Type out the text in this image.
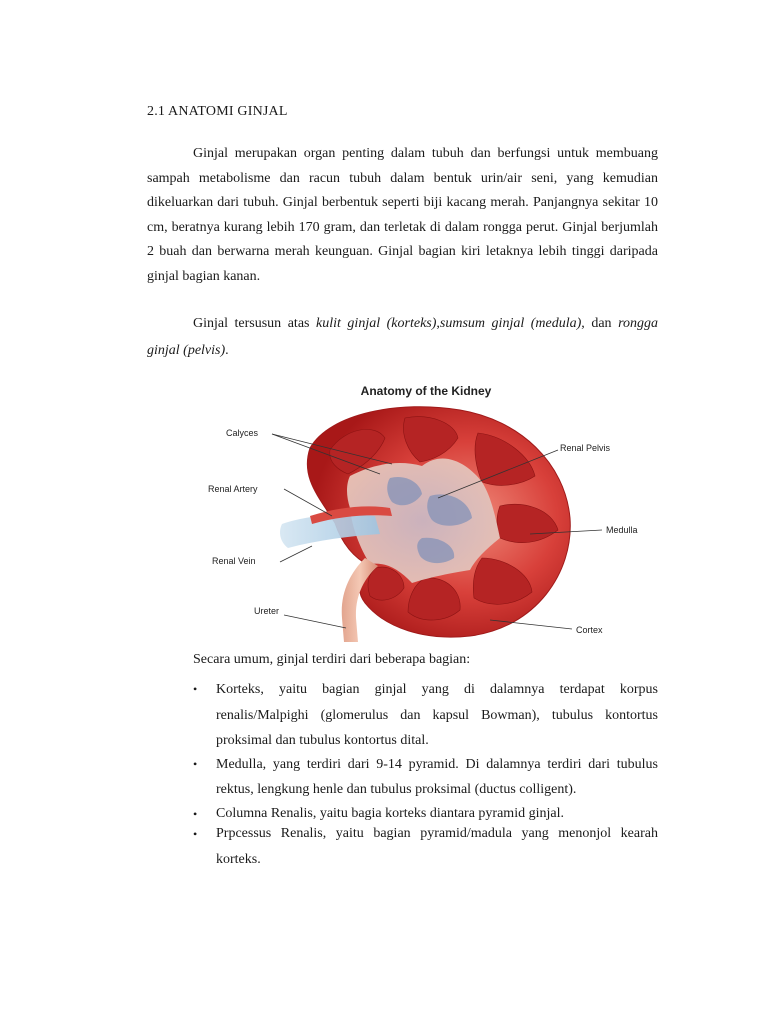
2.1 ANATOMI GINJAL

Ginjal merupakan organ penting dalam tubuh dan berfungsi untuk membuang sampah metabolisme dan racun tubuh dalam bentuk urin/air seni, yang kemudian dikeluarkan dari tubuh. Ginjal berbentuk seperti biji kacang merah. Panjangnya sekitar 10 cm, beratnya kurang lebih 170 gram, dan terletak di dalam rongga perut. Ginjal berjumlah 2 buah dan berwarna merah keunguan. Ginjal bagian kiri letaknya lebih tinggi daripada ginjal bagian kanan.

Ginjal tersusun atas kulit ginjal (korteks),sumsum ginjal (medula), dan rongga ginjal (pelvis).

Anatomy of the Kidney
Calyces
Renal Artery
Renal Vein
Ureter
Renal Pelvis
Medulla
Cortex
Secara umum, ginjal terdiri dari beberapa bagian:
• Korteks, yaitu bagian ginjal yang di dalamnya terdapat korpus renalis/Malpighi (glomerulus dan kapsul Bowman), tubulus kontortus proksimal dan tubulus kontortus dital.
• Medulla, yang terdiri dari 9-14 pyramid. Di dalamnya terdiri dari tubulus rektus, lengkung henle dan tubulus proksimal (ductus colligent).
• Columna Renalis, yaitu bagia korteks diantara pyramid ginjal.
• Prpcessus Renalis, yaitu bagian pyramid/madula yang menonjol kearah korteks.
